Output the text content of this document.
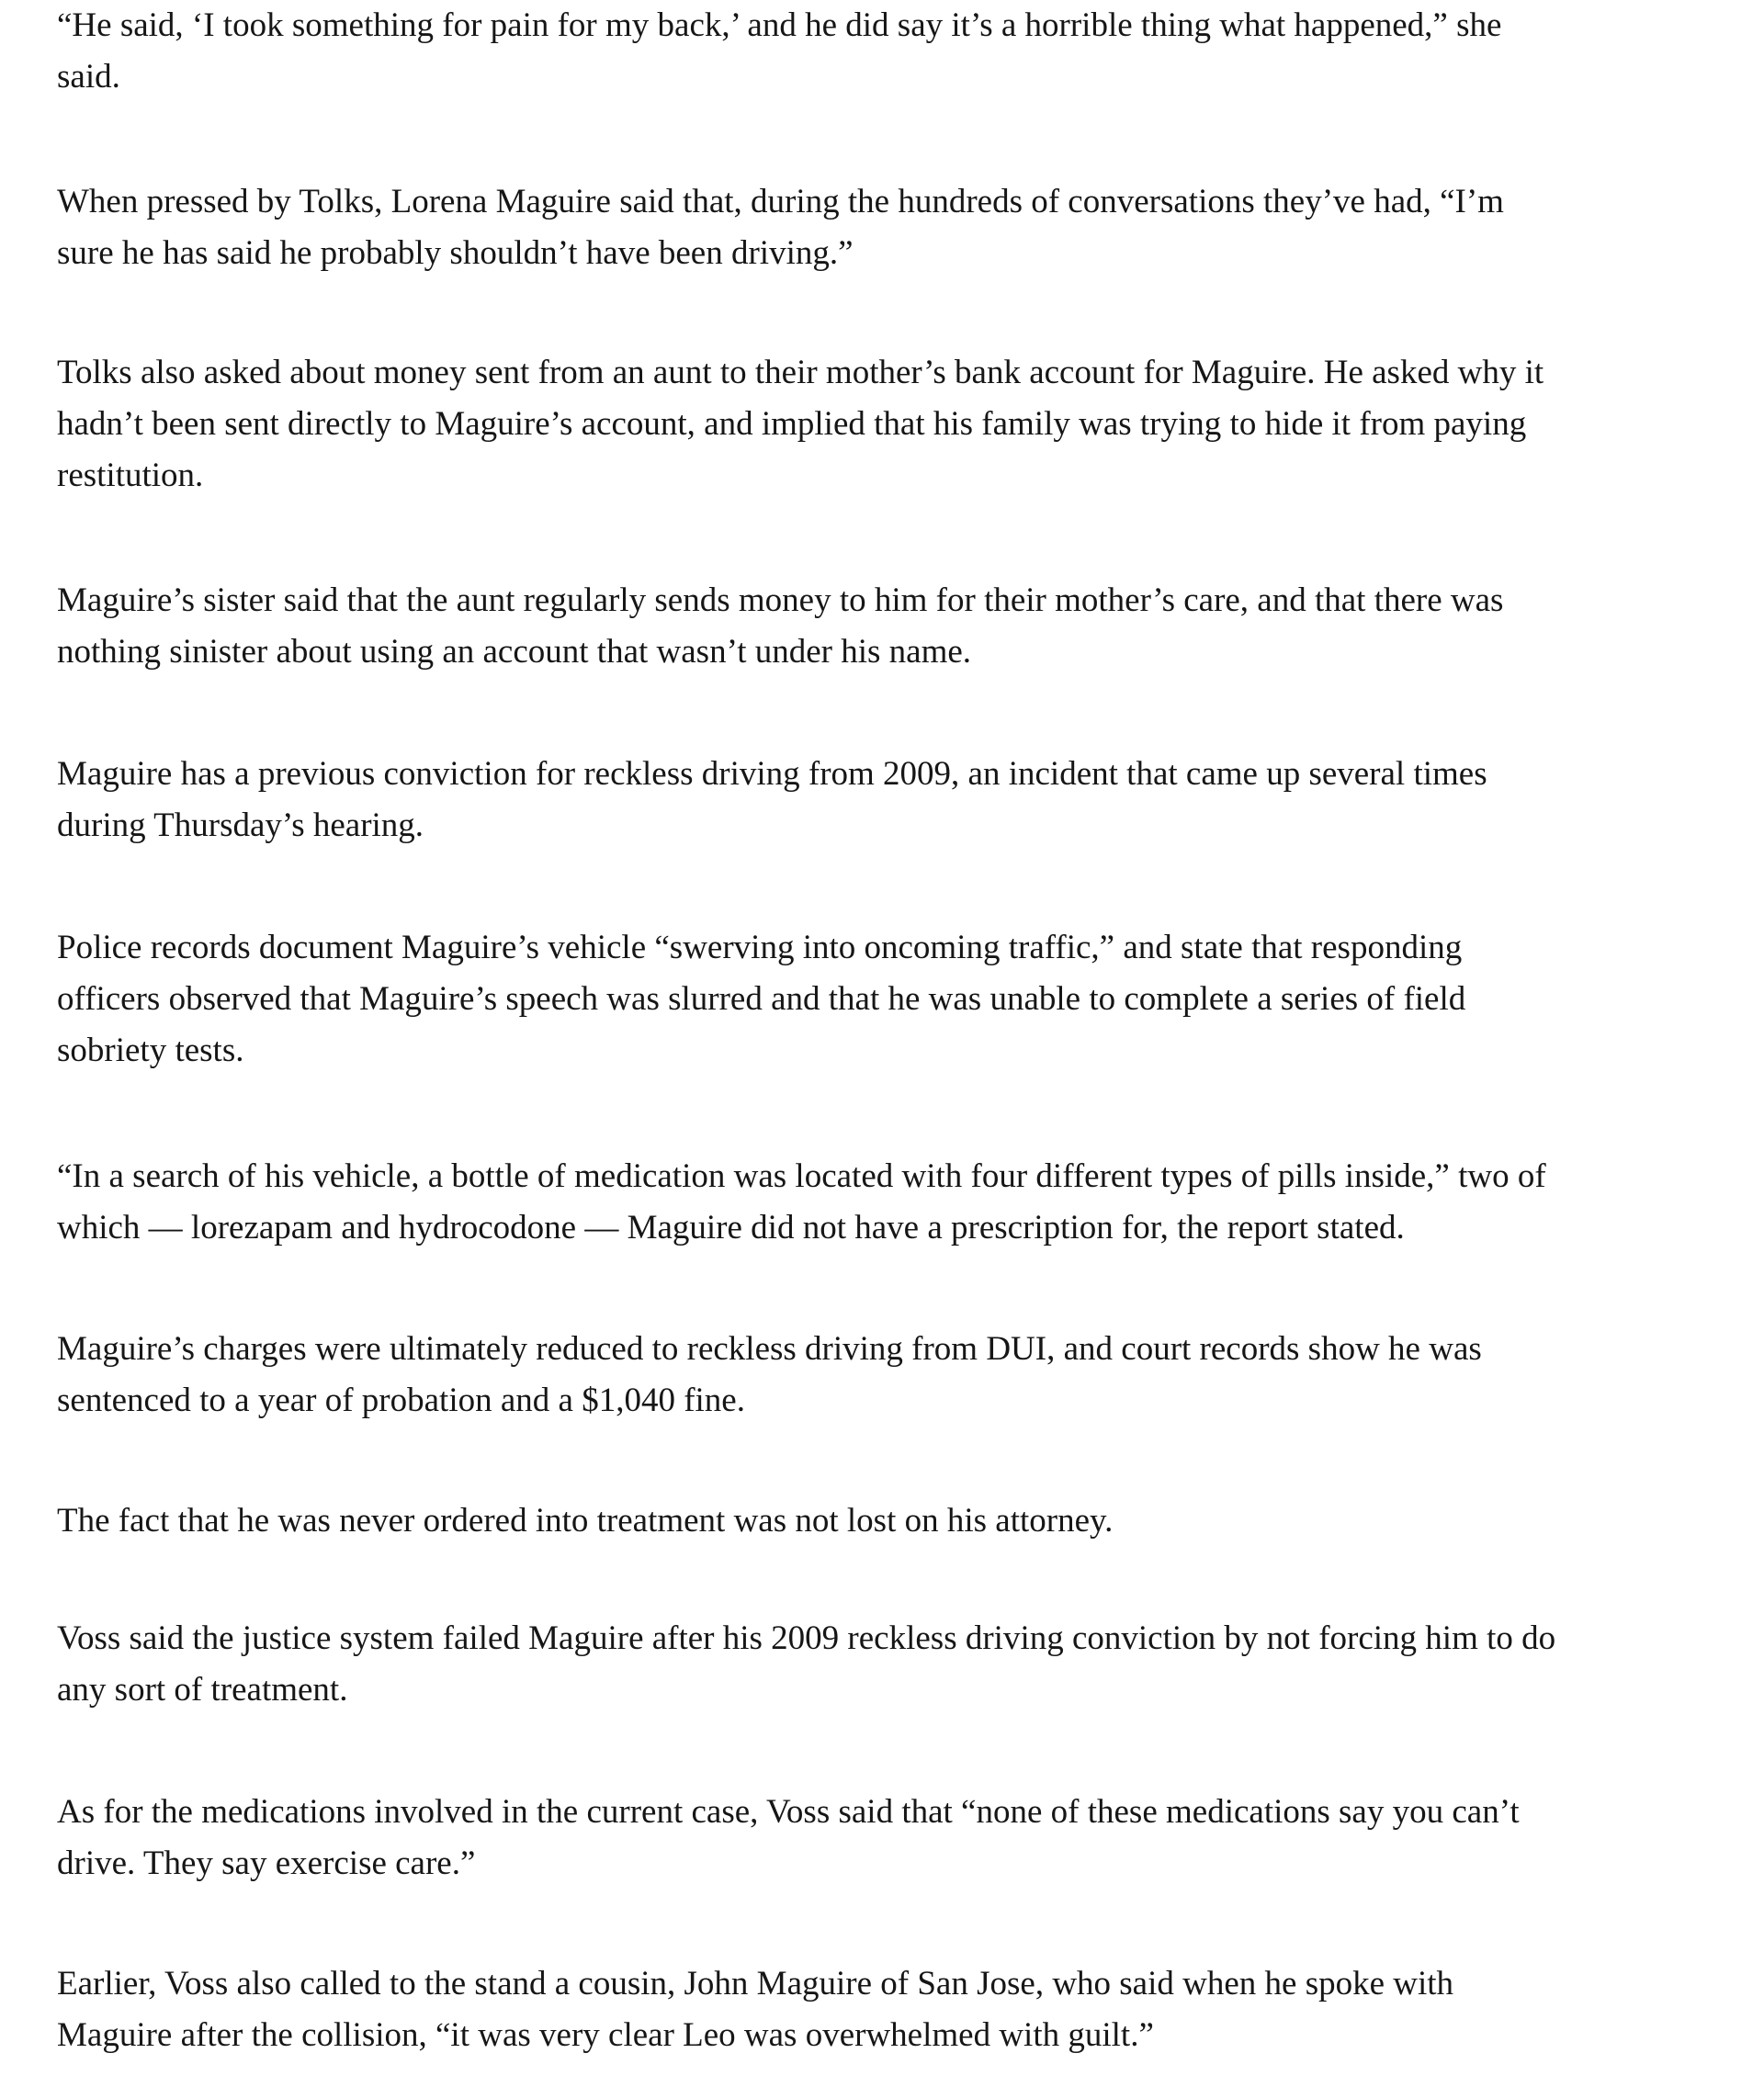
“He said, ‘I took something for pain for my back,’ and he did say it’s a horrible thing what happened,” she
said.

When pressed by Tolks, Lorena Maguire said that, during the hundreds of conversations they’ve had, “I’m
sure he has said he probably shouldn’t have been driving.”

Tolks also asked about money sent from an aunt to their mother’s bank account for Maguire. He asked why it
hadn’t been sent directly to Maguire’s account, and implied that his family was trying to hide it from paying
restitution.

Maguire’s sister said that the aunt regularly sends money to him for their mother’s care, and that there was
nothing sinister about using an account that wasn’t under his name.

Maguire has a previous conviction for reckless driving from 2009, an incident that came up several times
during Thursday’s hearing.

Police records document Maguire’s vehicle “swerving into oncoming traffic,” and state that responding
officers observed that Maguire’s speech was slurred and that he was unable to complete a series of field
sobriety tests.

“In a search of his vehicle, a bottle of medication was located with four different types of pills inside,” two of
which — lorezapam and hydrocodone — Maguire did not have a prescription for, the report stated.

Maguire’s charges were ultimately reduced to reckless driving from DUI, and court records show he was
sentenced to a year of probation and a $1,040 fine.

The fact that he was never ordered into treatment was not lost on his attorney.

Voss said the justice system failed Maguire after his 2009 reckless driving conviction by not forcing him to do
any sort of treatment.

As for the medications involved in the current case, Voss said that “none of these medications say you can’t
drive. They say exercise care.”

Earlier, Voss also called to the stand a cousin, John Maguire of San Jose, who said when he spoke with
Maguire after the collision, “it was very clear Leo was overwhelmed with guilt.”
